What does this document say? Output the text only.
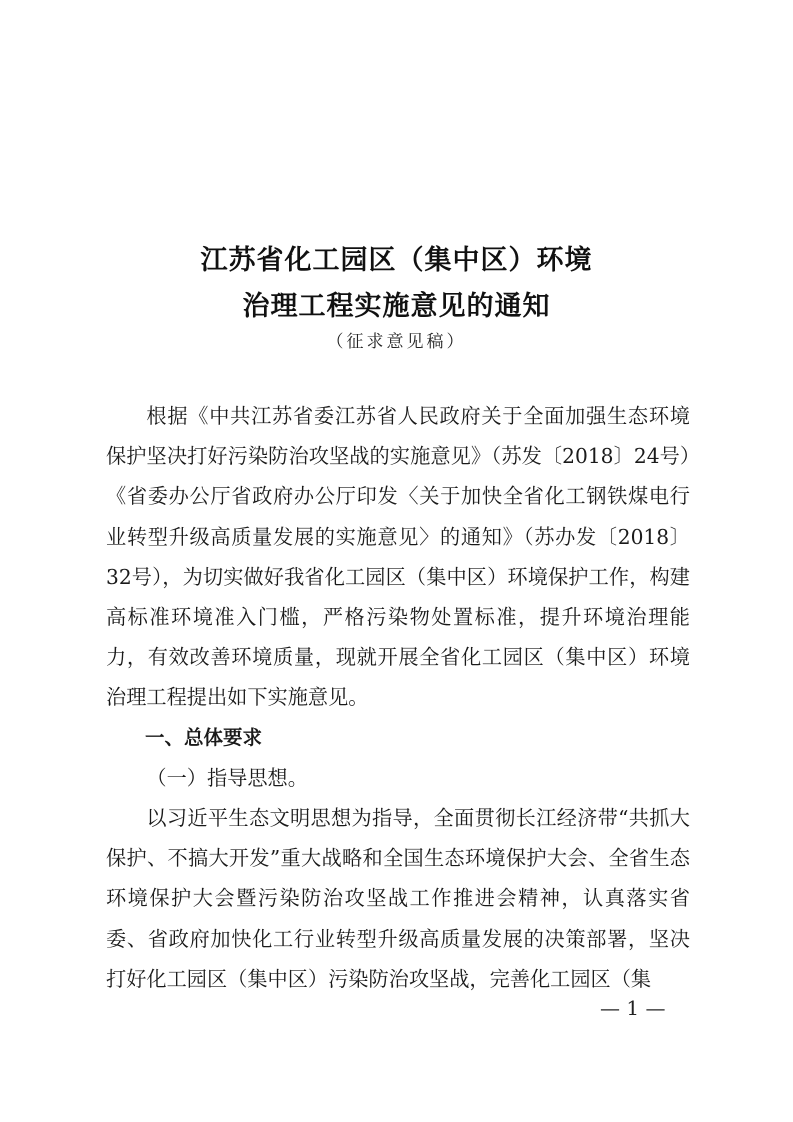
江苏省化工园区（集中区）环境
治理工程实施意见的通知
（征求意见稿）

根据《中共江苏省委江苏省人民政府关于全面加强生态环境保护坚决打好污染防治攻坚战的实施意见》（苏发〔2018〕24号）《省委办公厅省政府办公厅印发〈关于加快全省化工钢铁煤电行业转型升级高质量发展的实施意见〉的通知》（苏办发〔2018〕32号），为切实做好我省化工园区（集中区）环境保护工作，构建高标准环境准入门槛，严格污染物处置标准，提升环境治理能力，有效改善环境质量，现就开展全省化工园区（集中区）环境治理工程提出如下实施意见。

一、总体要求

（一）指导思想。

以习近平生态文明思想为指导，全面贯彻长江经济带“共抓大保护、不搞大开发”重大战略和全国生态环境保护大会、全省生态环境保护大会暨污染防治攻坚战工作推进会精神，认真落实省委、省政府加快化工行业转型升级高质量发展的决策部署，坚决打好化工园区（集中区）污染防治攻坚战，完善化工园区（集

— 1 —
